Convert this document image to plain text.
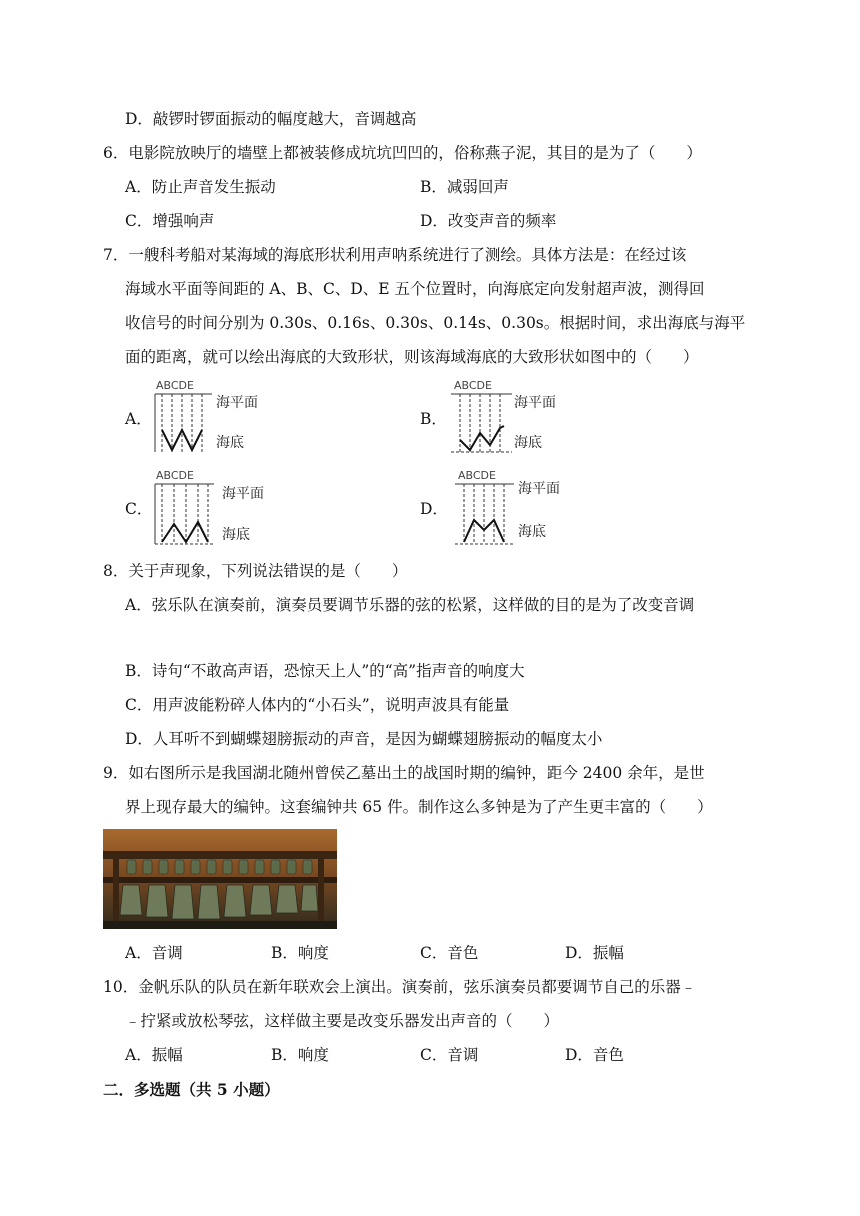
D．敲锣时锣面振动的幅度越大，音调越高
6．电影院放映厅的墙壁上都被装修成坑坑凹凹的，俗称燕子泥，其目的是为了（　　）
A．防止声音发生振动	B．减弱回声
C．增强响声	D．改变声音的频率
7．一艘科考船对某海域的海底形状利用声呐系统进行了测绘。具体方法是：在经过该
海域水平面等间距的 A、B、C、D、E 五个位置时，向海底定向发射超声波，测得回
收信号的时间分别为 0.30s、0.16s、0.30s、0.14s、0.30s。根据时间，求出海底与海平
面的距离，就可以绘出海底的大致形状，则该海域海底的大致形状如图中的（　　）
A．
ABCDE
海平面
海底
B．
ABCDE
海平面
海底
C．
ABCDE
海平面
海底
D．
ABCDE
海平面
海底
8．关于声现象，下列说法错误的是（　　）
A．弦乐队在演奏前，演奏员要调节乐器的弦的松紧，这样做的目的是为了改变音调
B．诗句“不敢高声语，恐惊天上人”的“高”指声音的响度大
C．用声波能粉碎人体内的“小石头”，说明声波具有能量
D．人耳听不到蝴蝶翅膀振动的声音，是因为蝴蝶翅膀振动的幅度太小
9．如右图所示是我国湖北随州曾侯乙墓出土的战国时期的编钟，距今 2400 余年，是世
界上现存最大的编钟。这套编钟共 65 件。制作这么多钟是为了产生更丰富的（　　）
A．音调	B．响度	C．音色	D．振幅
10．金帆乐队的队员在新年联欢会上演出。演奏前，弦乐演奏员都要调节自己的乐器﹣
﹣拧紧或放松琴弦，这样做主要是改变乐器发出声音的（　　）
A．振幅	B．响度	C．音调	D．音色
二．多选题（共 5 小题）
